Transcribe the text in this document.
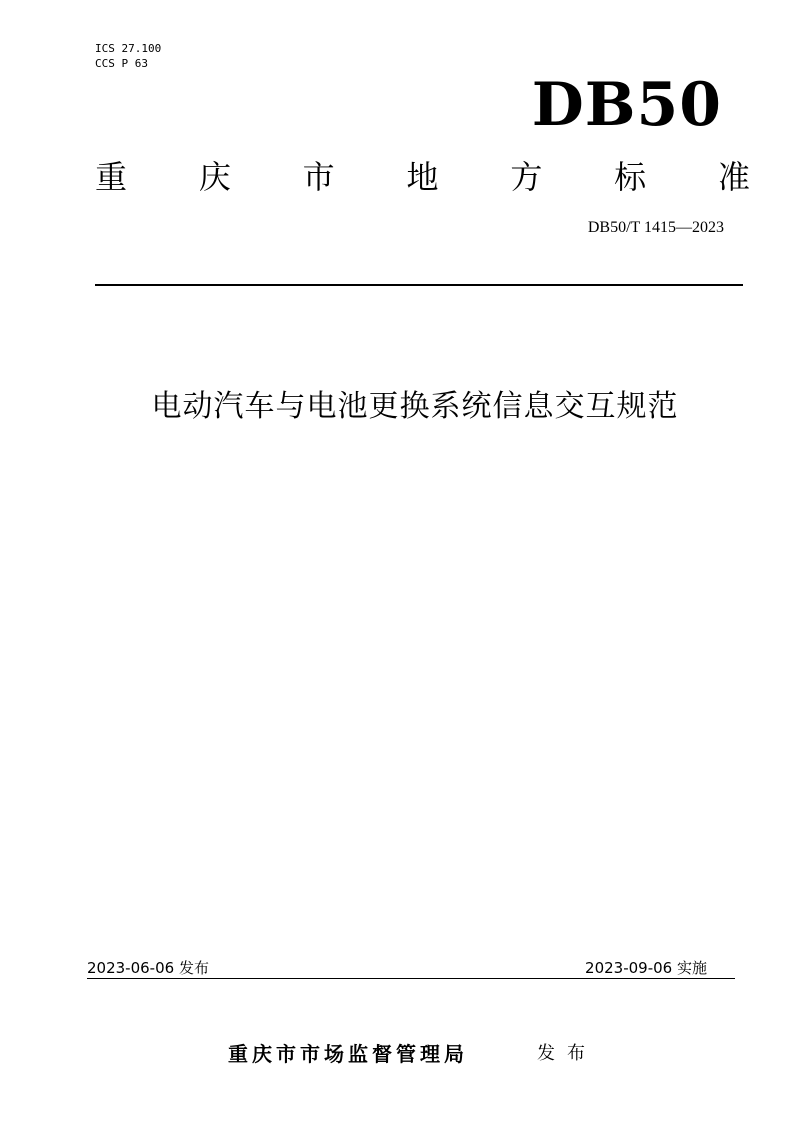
ICS 27.100
CCS P 63
DB50
重 庆 市 地 方 标 准
DB50/T 1415—2023
电动汽车与电池更换系统信息交互规范
2023-06-06 发布	2023-09-06 实施
重庆市市场监督管理局	发布
